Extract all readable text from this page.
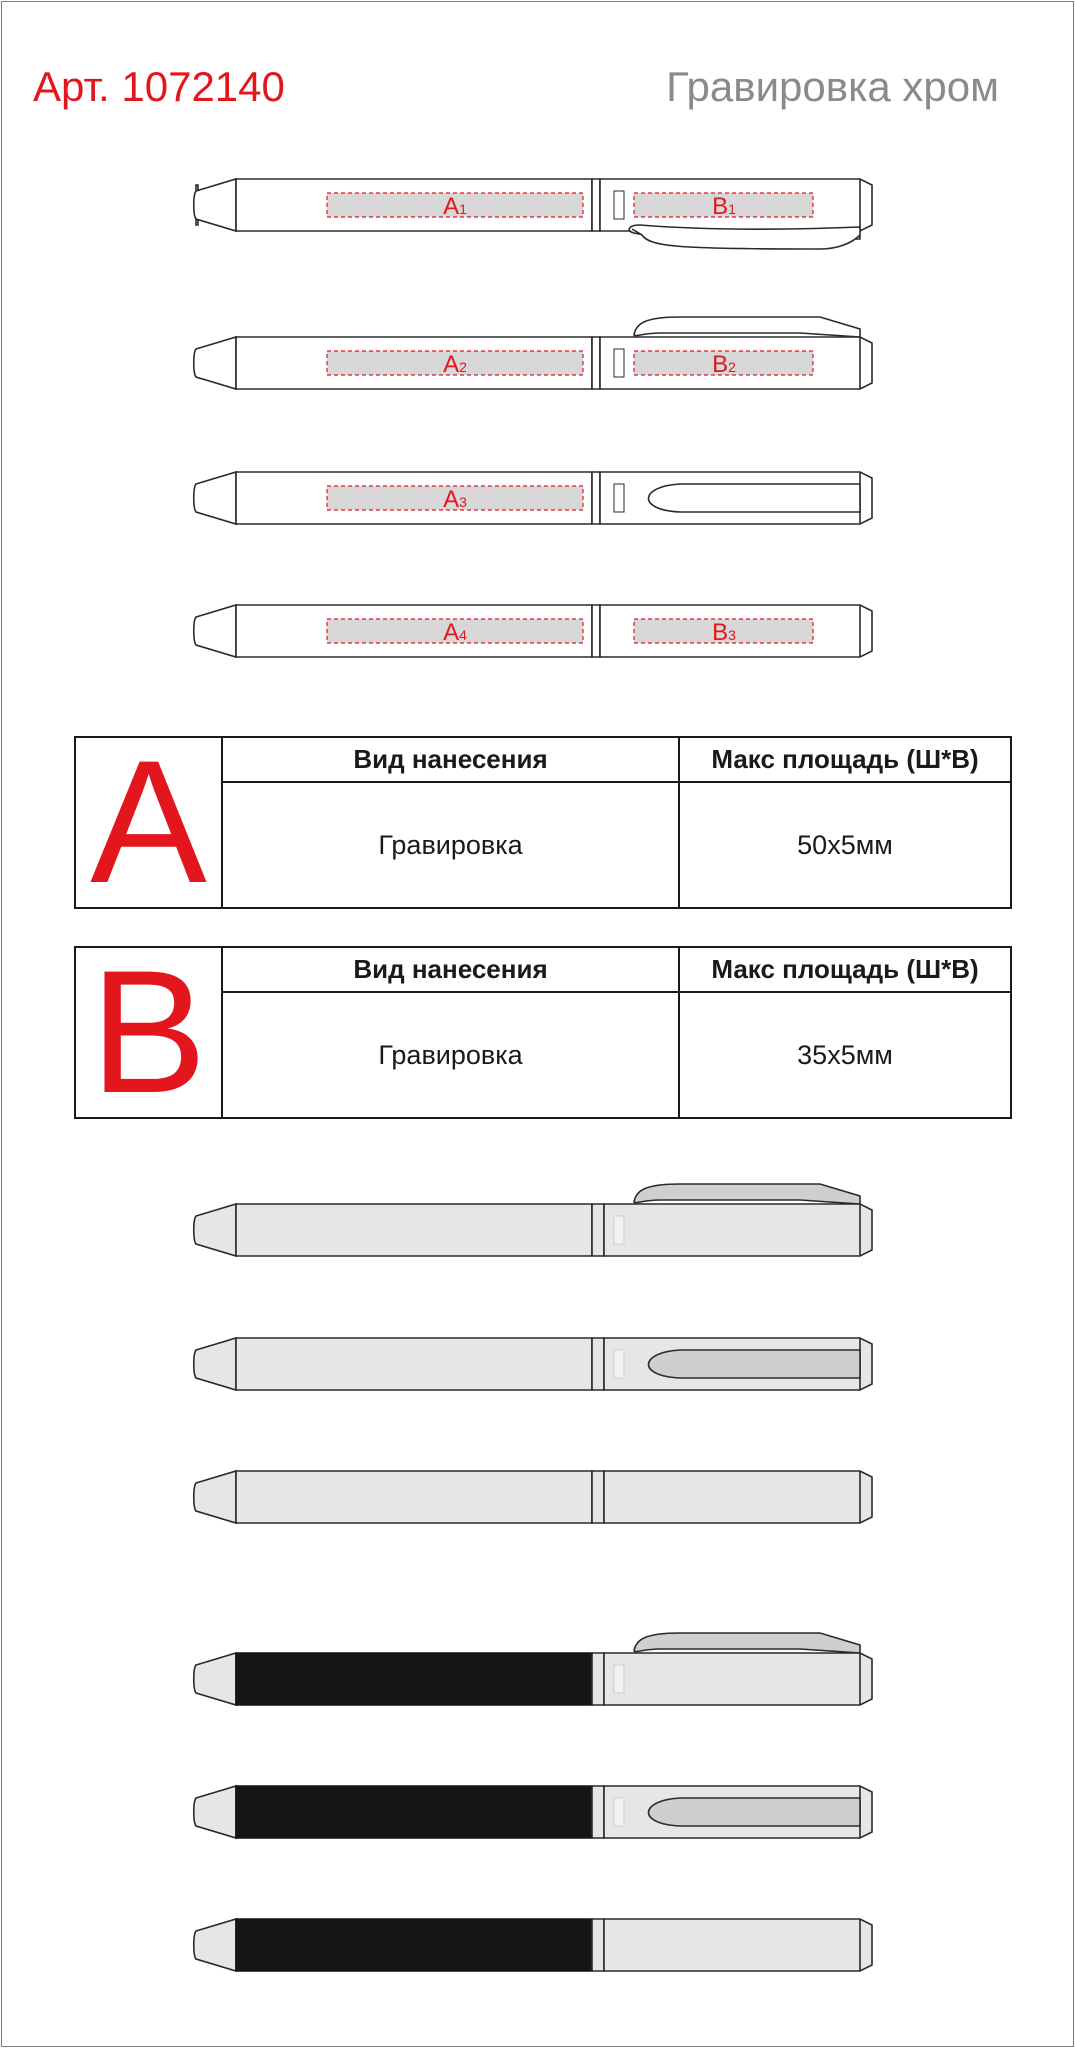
Арт. 1072140	Гравировка хром
A1	B1
A2	B2
A3
A4	B3
A	Вид нанесения	Макс площадь (Ш*В)
	Гравировка	50х5мм
B	Вид нанесения	Макс площадь (Ш*В)
	Гравировка	35х5мм
